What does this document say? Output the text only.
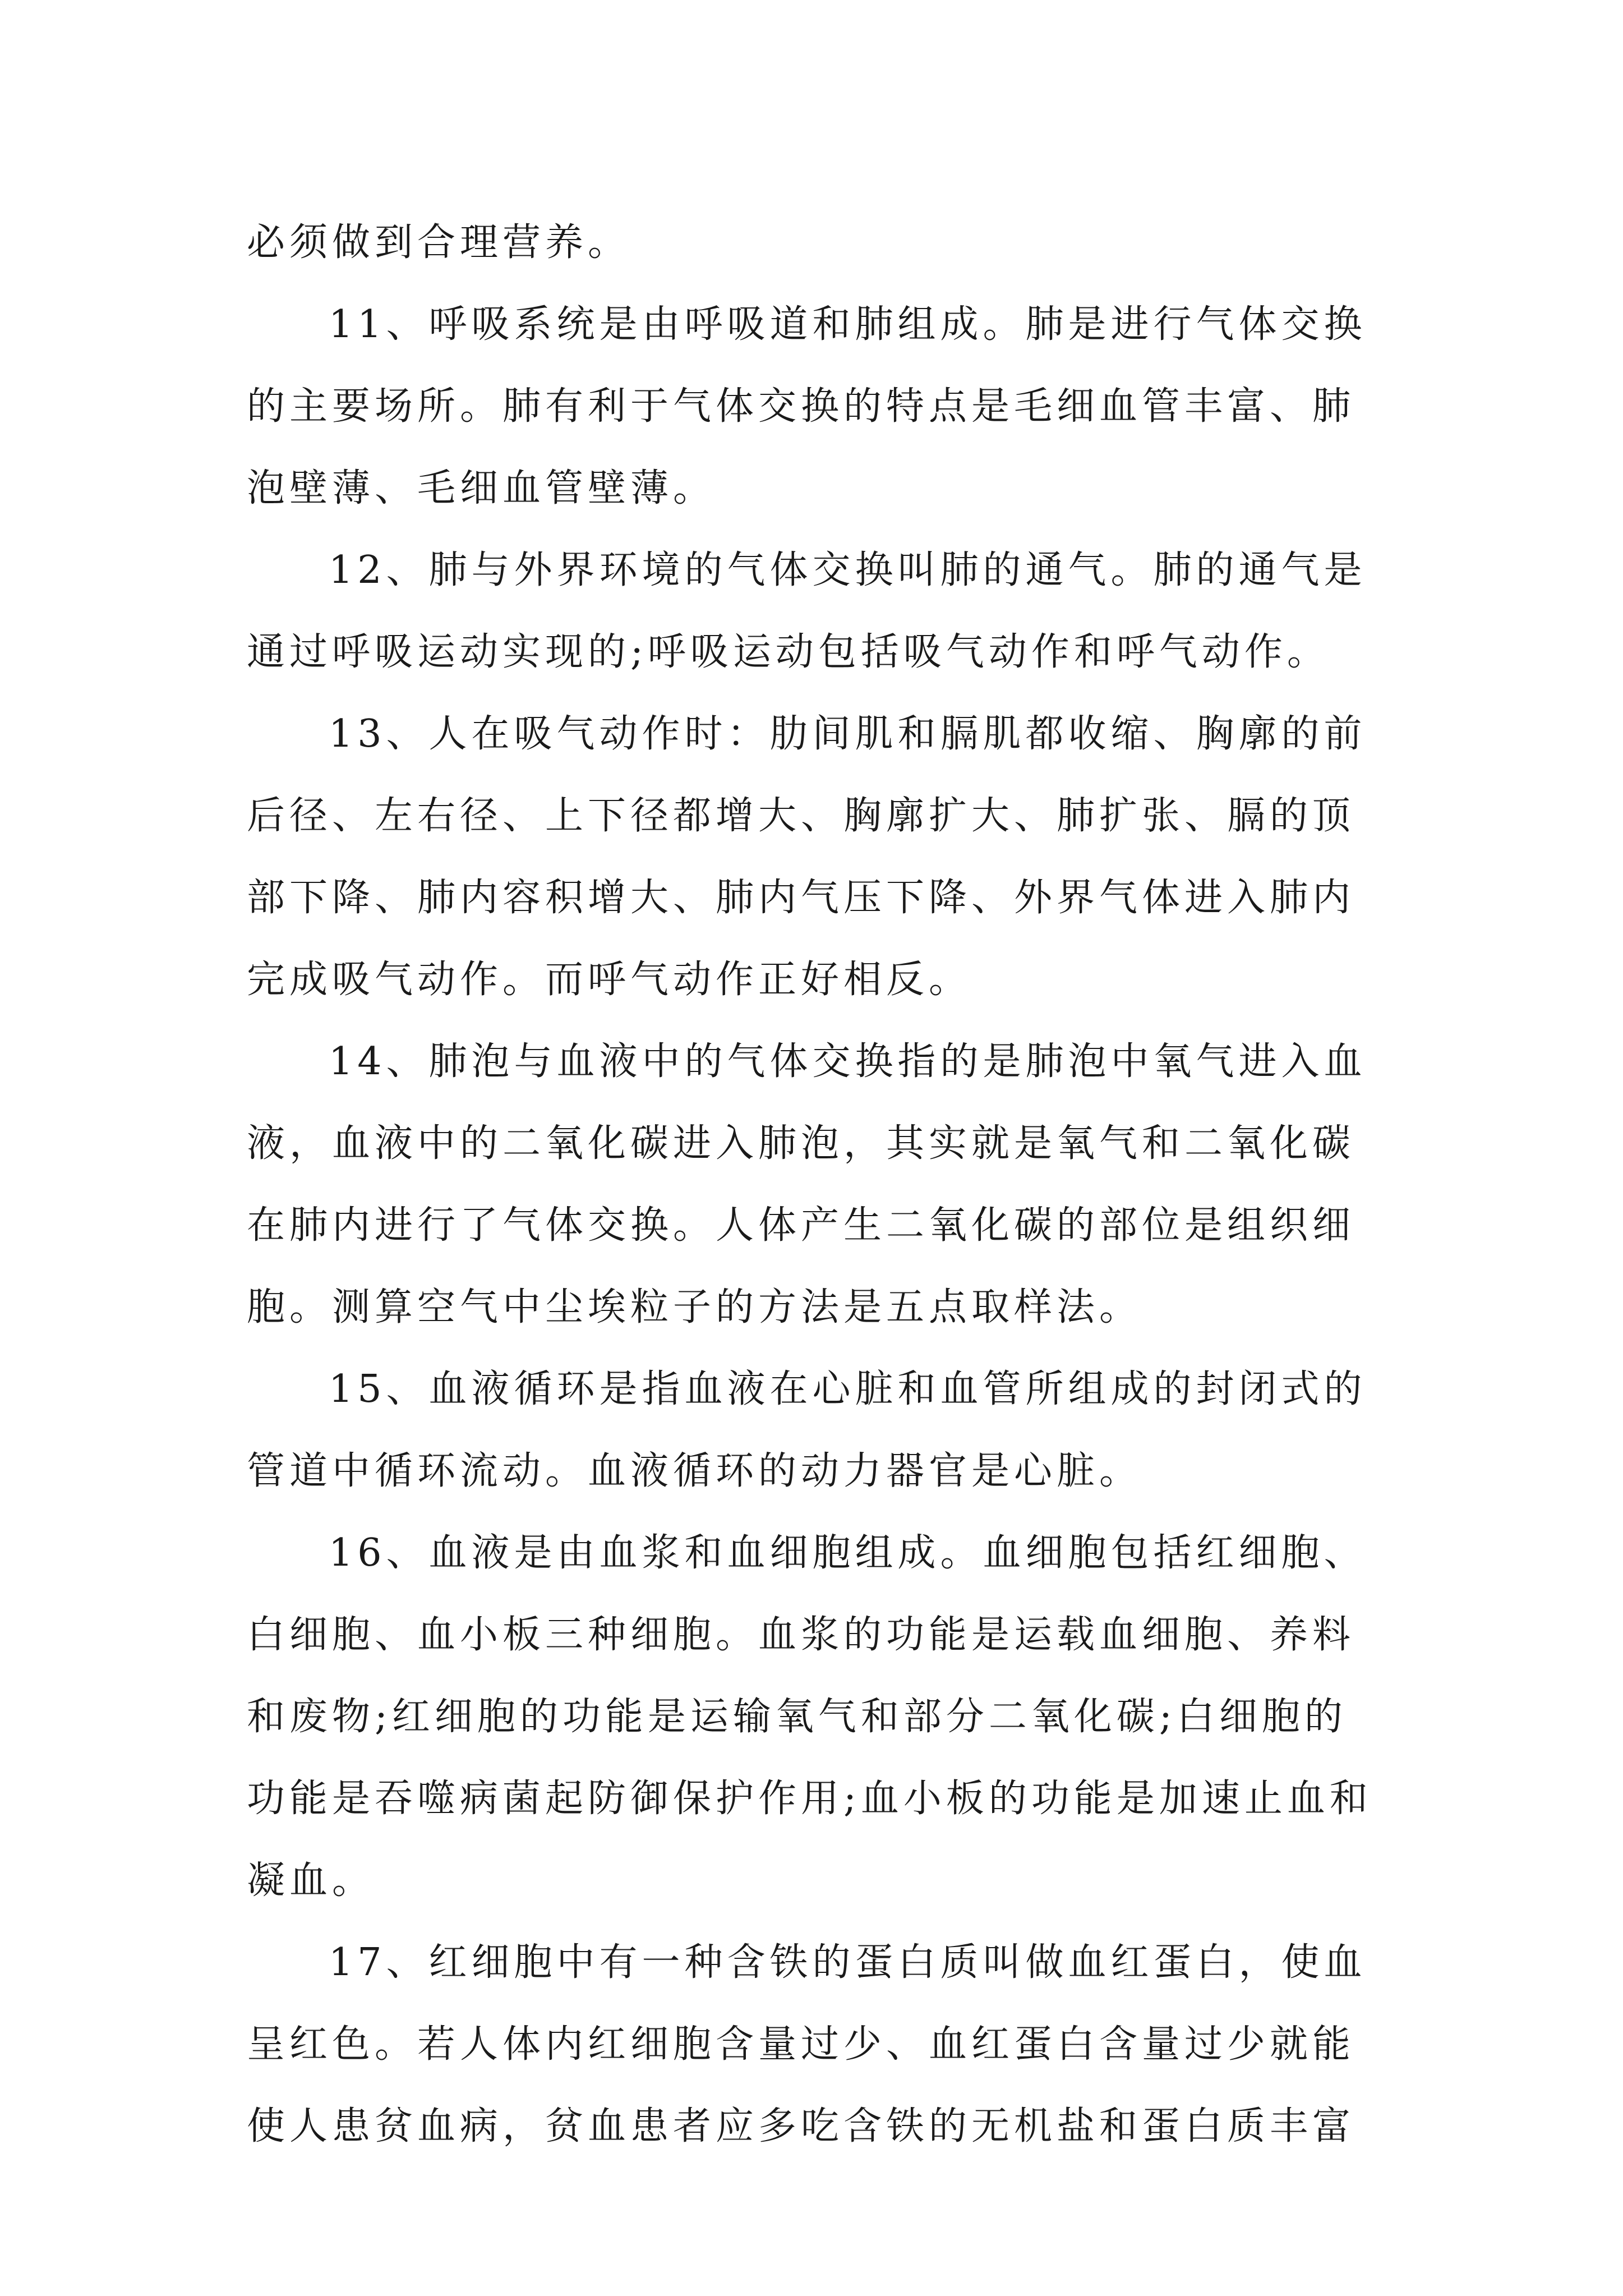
必须做到合理营养。

11、呼吸系统是由呼吸道和肺组成。肺是进行气体交换的主要场所。肺有利于气体交换的特点是毛细血管丰富、肺泡壁薄、毛细血管壁薄。

12、肺与外界环境的气体交换叫肺的通气。肺的通气是通过呼吸运动实现的;呼吸运动包括吸气动作和呼气动作。

13、人在吸气动作时：肋间肌和膈肌都收缩、胸廓的前后径、左右径、上下径都增大、胸廓扩大、肺扩张、膈的顶部下降、肺内容积增大、肺内气压下降、外界气体进入肺内完成吸气动作。而呼气动作正好相反。

14、肺泡与血液中的气体交换指的是肺泡中氧气进入血液，血液中的二氧化碳进入肺泡，其实就是氧气和二氧化碳在肺内进行了气体交换。人体产生二氧化碳的部位是组织细胞。测算空气中尘埃粒子的方法是五点取样法。

15、血液循环是指血液在心脏和血管所组成的封闭式的管道中循环流动。血液循环的动力器官是心脏。

16、血液是由血浆和血细胞组成。血细胞包括红细胞、白细胞、血小板三种细胞。血浆的功能是运载血细胞、养料和废物;红细胞的功能是运输氧气和部分二氧化碳;白细胞的功能是吞噬病菌起防御保护作用;血小板的功能是加速止血和凝血。

17、红细胞中有一种含铁的蛋白质叫做血红蛋白，使血呈红色。若人体内红细胞含量过少、血红蛋白含量过少就能使人患贫血病，贫血患者应多吃含铁的无机盐和蛋白质丰富
